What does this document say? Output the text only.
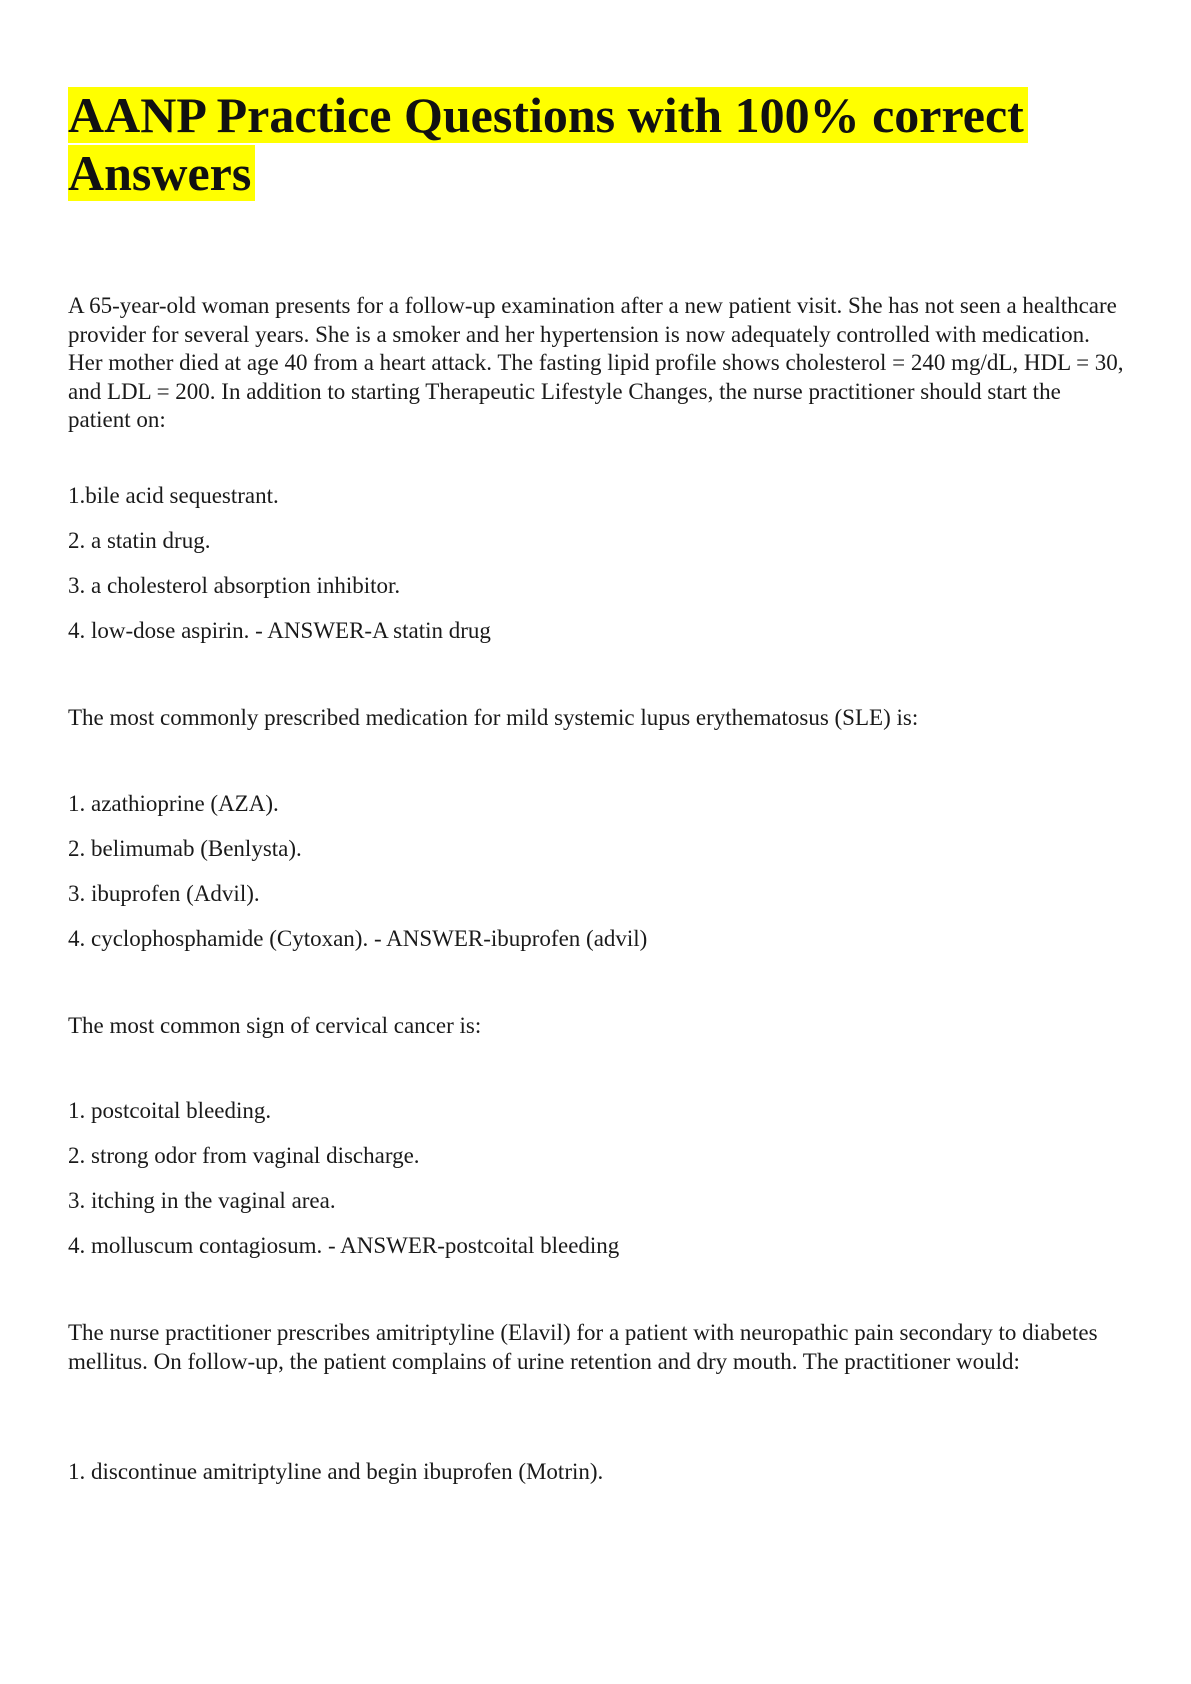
AANP Practice Questions with 100% correct Answers

A 65-year-old woman presents for a follow-up examination after a new patient visit. She has not seen a healthcare provider for several years. She is a smoker and her hypertension is now adequately controlled with medication. Her mother died at age 40 from a heart attack. The fasting lipid profile shows cholesterol = 240 mg/dL, HDL = 30, and LDL = 200. In addition to starting Therapeutic Lifestyle Changes, the nurse practitioner should start the patient on:

1.bile acid sequestrant.

2. a statin drug.

3. a cholesterol absorption inhibitor.

4. low-dose aspirin. - ANSWER-A statin drug

The most commonly prescribed medication for mild systemic lupus erythematosus (SLE) is:

1. azathioprine (AZA).

2. belimumab (Benlysta).

3. ibuprofen (Advil).

4. cyclophosphamide (Cytoxan). - ANSWER-ibuprofen (advil)

The most common sign of cervical cancer is:

1. postcoital bleeding.

2. strong odor from vaginal discharge.

3. itching in the vaginal area.

4. molluscum contagiosum. - ANSWER-postcoital bleeding

The nurse practitioner prescribes amitriptyline (Elavil) for a patient with neuropathic pain secondary to diabetes mellitus. On follow-up, the patient complains of urine retention and dry mouth. The practitioner would:

1. discontinue amitriptyline and begin ibuprofen (Motrin).
